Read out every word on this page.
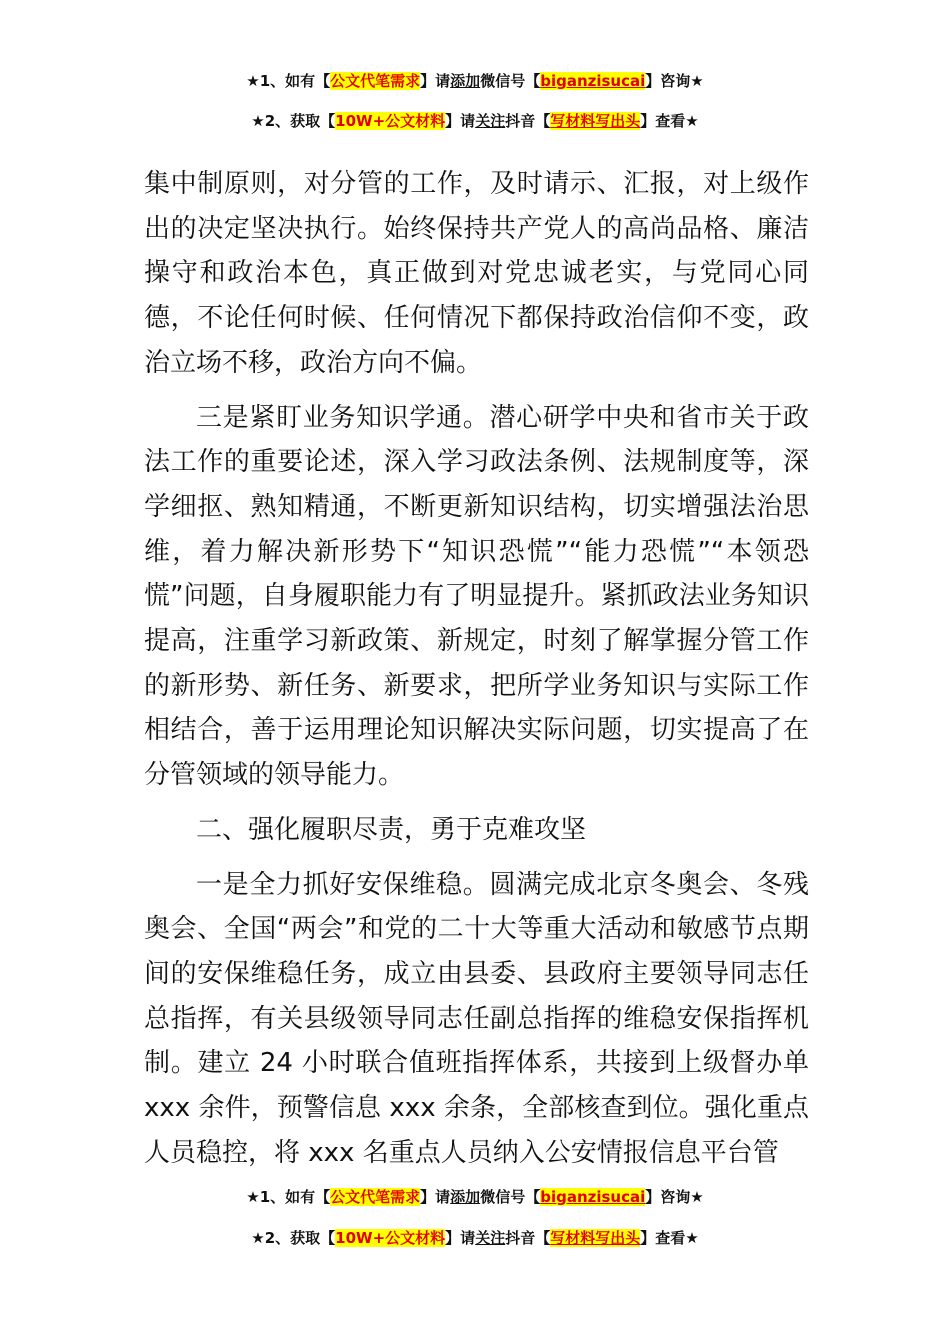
★1、如有【公文代笔需求】请添加微信号【biganzisucai】咨询★
★2、获取【10W+公文材料】请关注抖音【写材料写出头】查看★

集中制原则，对分管的工作，及时请示、汇报，对上级作出的决定坚决执行。始终保持共产党人的高尚品格、廉洁操守和政治本色，真正做到对党忠诚老实，与党同心同德，不论任何时候、任何情况下都保持政治信仰不变，政治立场不移，政治方向不偏。

三是紧盯业务知识学通。潜心研学中央和省市关于政法工作的重要论述，深入学习政法条例、法规制度等，深学细抠、熟知精通，不断更新知识结构，切实增强法治思维，着力解决新形势下“知识恐慌”“能力恐慌”“本领恐慌”问题，自身履职能力有了明显提升。紧抓政法业务知识提高，注重学习新政策、新规定，时刻了解掌握分管工作的新形势、新任务、新要求，把所学业务知识与实际工作相结合，善于运用理论知识解决实际问题，切实提高了在分管领域的领导能力。

二、强化履职尽责，勇于克难攻坚

一是全力抓好安保维稳。圆满完成北京冬奥会、冬残奥会、全国“两会”和党的二十大等重大活动和敏感节点期间的安保维稳任务，成立由县委、县政府主要领导同志任总指挥，有关县级领导同志任副总指挥的维稳安保指挥机制。建立 24 小时联合值班指挥体系，共接到上级督办单 xxx 余件，预警信息 xxx 余条，全部核查到位。强化重点人员稳控，将 xxx 名重点人员纳入公安情报信息平台管

★1、如有【公文代笔需求】请添加微信号【biganzisucai】咨询★
★2、获取【10W+公文材料】请关注抖音【写材料写出头】查看★
